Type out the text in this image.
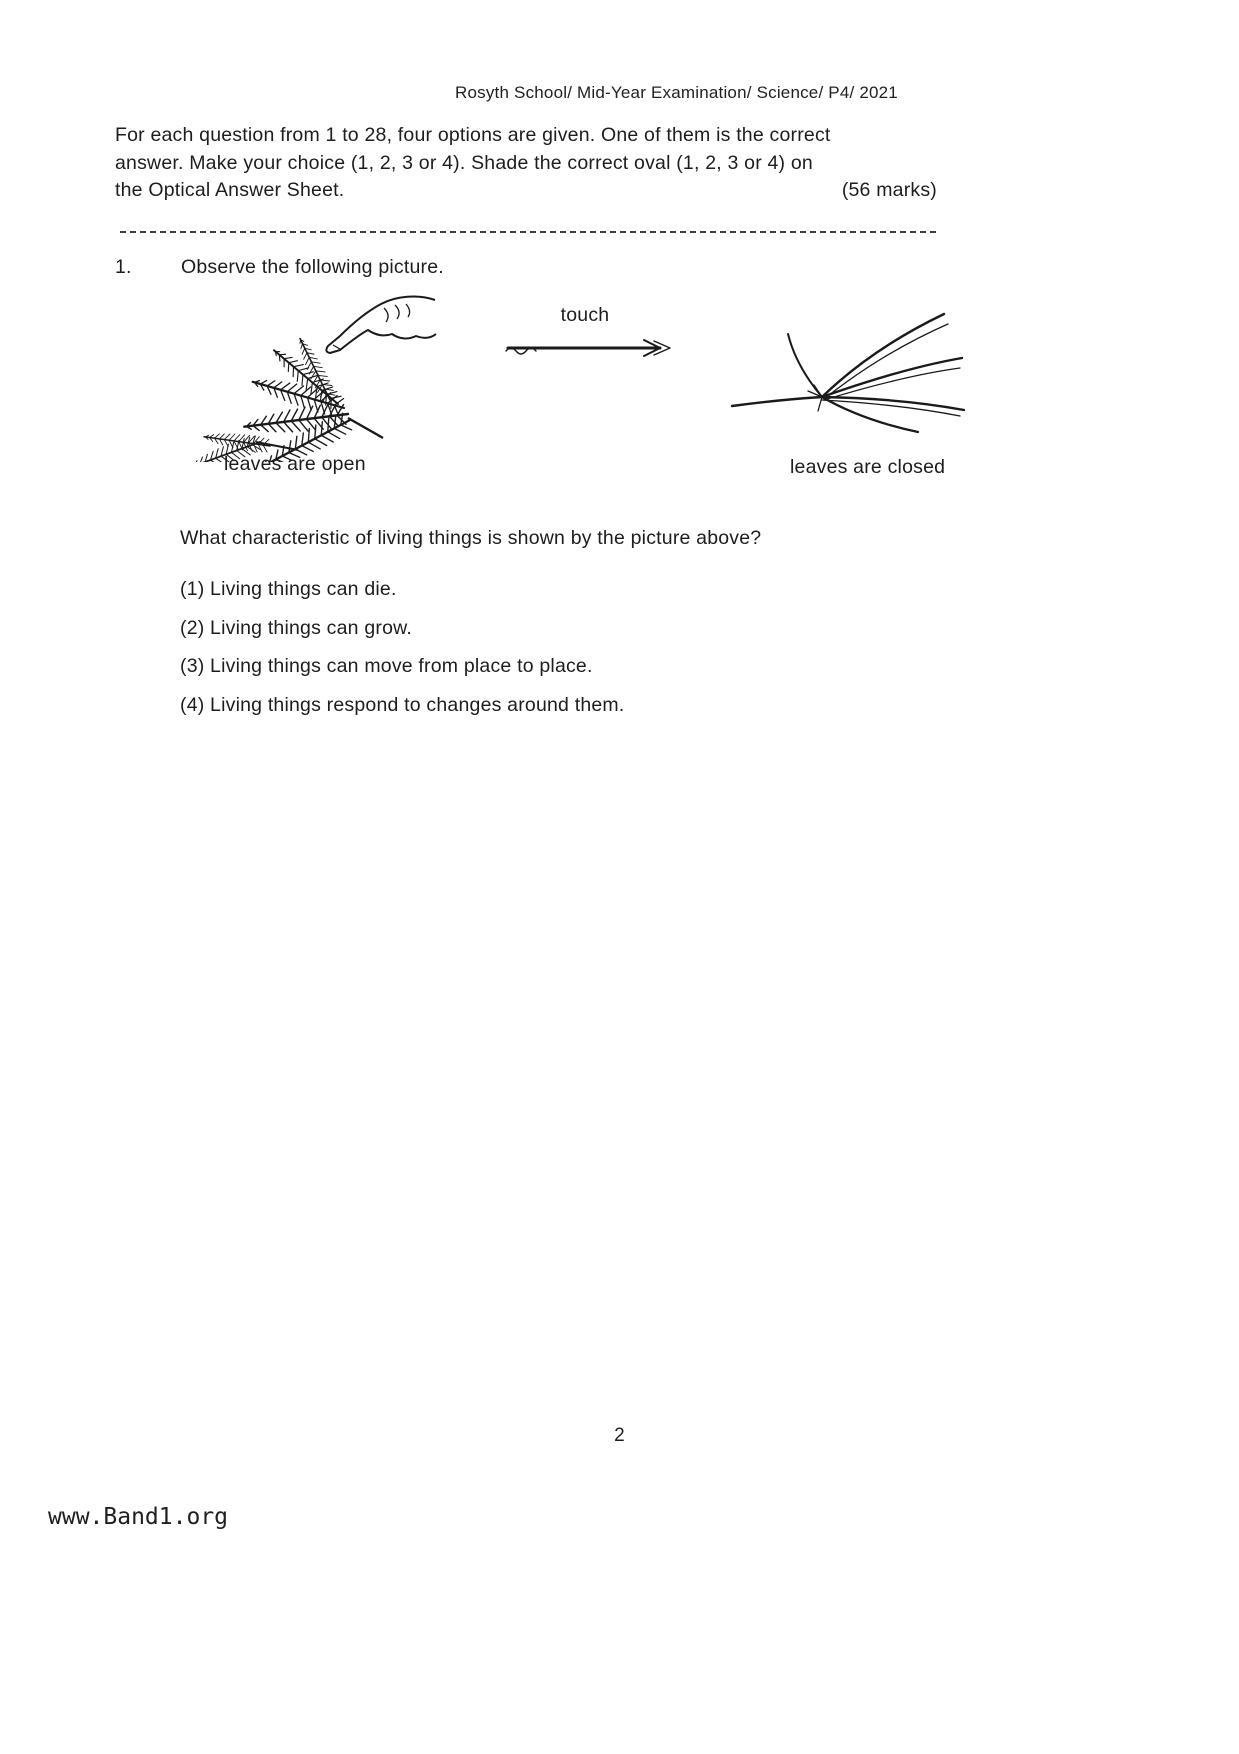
Rosyth School/ Mid-Year Examination/ Science/ P4/ 2021
For each question from 1 to 28, four options are given. One of them is the correct
answer. Make your choice (1, 2, 3 or 4). Shade the correct oval (1, 2, 3 or 4) on
the Optical Answer Sheet.	(56 marks)
1.	Observe the following picture.
touch
leaves are open	leaves are closed
What characteristic of living things is shown by the picture above?
(1) Living things can die.
(2) Living things can grow.
(3) Living things can move from place to place.
(4) Living things respond to changes around them.
2
www.Band1.org
